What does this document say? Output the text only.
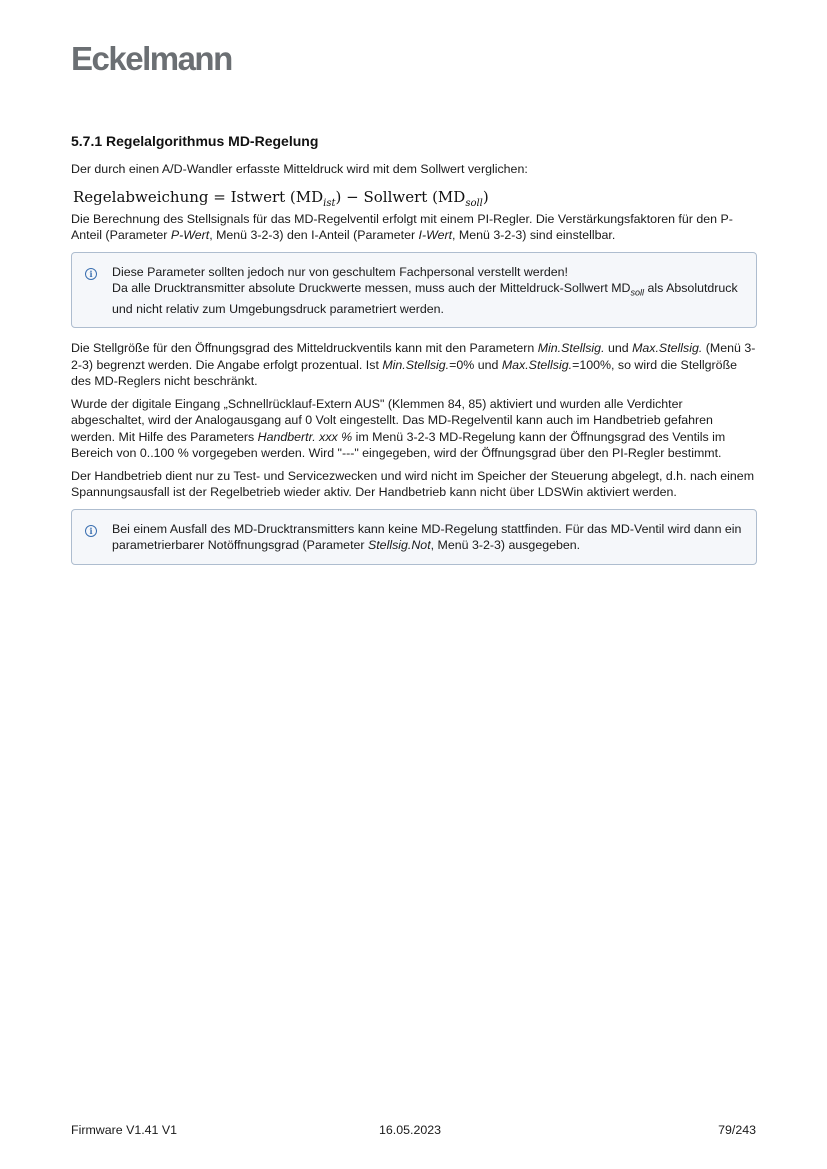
Eckelmann
5.7.1 Regelalgorithmus MD-Regelung

Der durch einen A/D-Wandler erfasste Mitteldruck wird mit dem Sollwert verglichen:

Regelabweichung = Istwert $(MD_{ist})$ − Sollwert $(MD_{soll})$

Die Berechnung des Stellsignals für das MD-Regelventil erfolgt mit einem PI-Regler. Die Verstärkungsfaktoren für den P-Anteil (Parameter P-Wert, Menü 3-2-3) den I-Anteil (Parameter I-Wert, Menü 3-2-3) sind einstellbar.

i	Diese Parameter sollten jedoch nur von geschultem Fachpersonal verstellt werden!

Da alle Drucktransmitter absolute Druckwerte messen, muss auch der Mitteldruck-Sollwert $MD_{soll}$ als Absolutdruck und nicht relativ zum Umgebungsdruck parametriert werden.

Die Stellgröße für den Öffnungsgrad des Mitteldruckventils kann mit den Parametern Min.Stellsig. und Max.Stellsig. (Menü 3-2-3) begrenzt werden. Die Angabe erfolgt prozentual. Ist Min.Stellsig.=0% und Max.Stellsig.=100%, so wird die Stellgröße des MD-Reglers nicht beschränkt.

Wurde der digitale Eingang „Schnellrücklauf-Extern AUS" (Klemmen 84, 85) aktiviert und wurden alle Verdichter abgeschaltet, wird der Analogausgang auf 0 Volt eingestellt. Das MD-Regelventil kann auch im Handbetrieb gefahren werden. Mit Hilfe des Parameters Handbertr. xxx % im Menü 3-2-3 MD-Regelung kann der Öffnungsgrad des Ventils im Bereich von 0..100 % vorgegeben werden. Wird "---" eingegeben, wird der Öffnungsgrad über den PI-Regler bestimmt.

Der Handbetrieb dient nur zu Test- und Servicezwecken und wird nicht im Speicher der Steuerung abgelegt, d.h. nach einem Spannungsausfall ist der Regelbetrieb wieder aktiv. Der Handbetrieb kann nicht über LDSWin aktiviert werden.

i	Bei einem Ausfall des MD-Drucktransmitters kann keine MD-Regelung stattfinden. Für das MD-Ventil wird dann ein parametrierbarer Notöffnungsgrad (Parameter Stellsig.Not, Menü 3-2-3) ausgegeben.

Firmware V1.41 V1	16.05.2023	79/243
